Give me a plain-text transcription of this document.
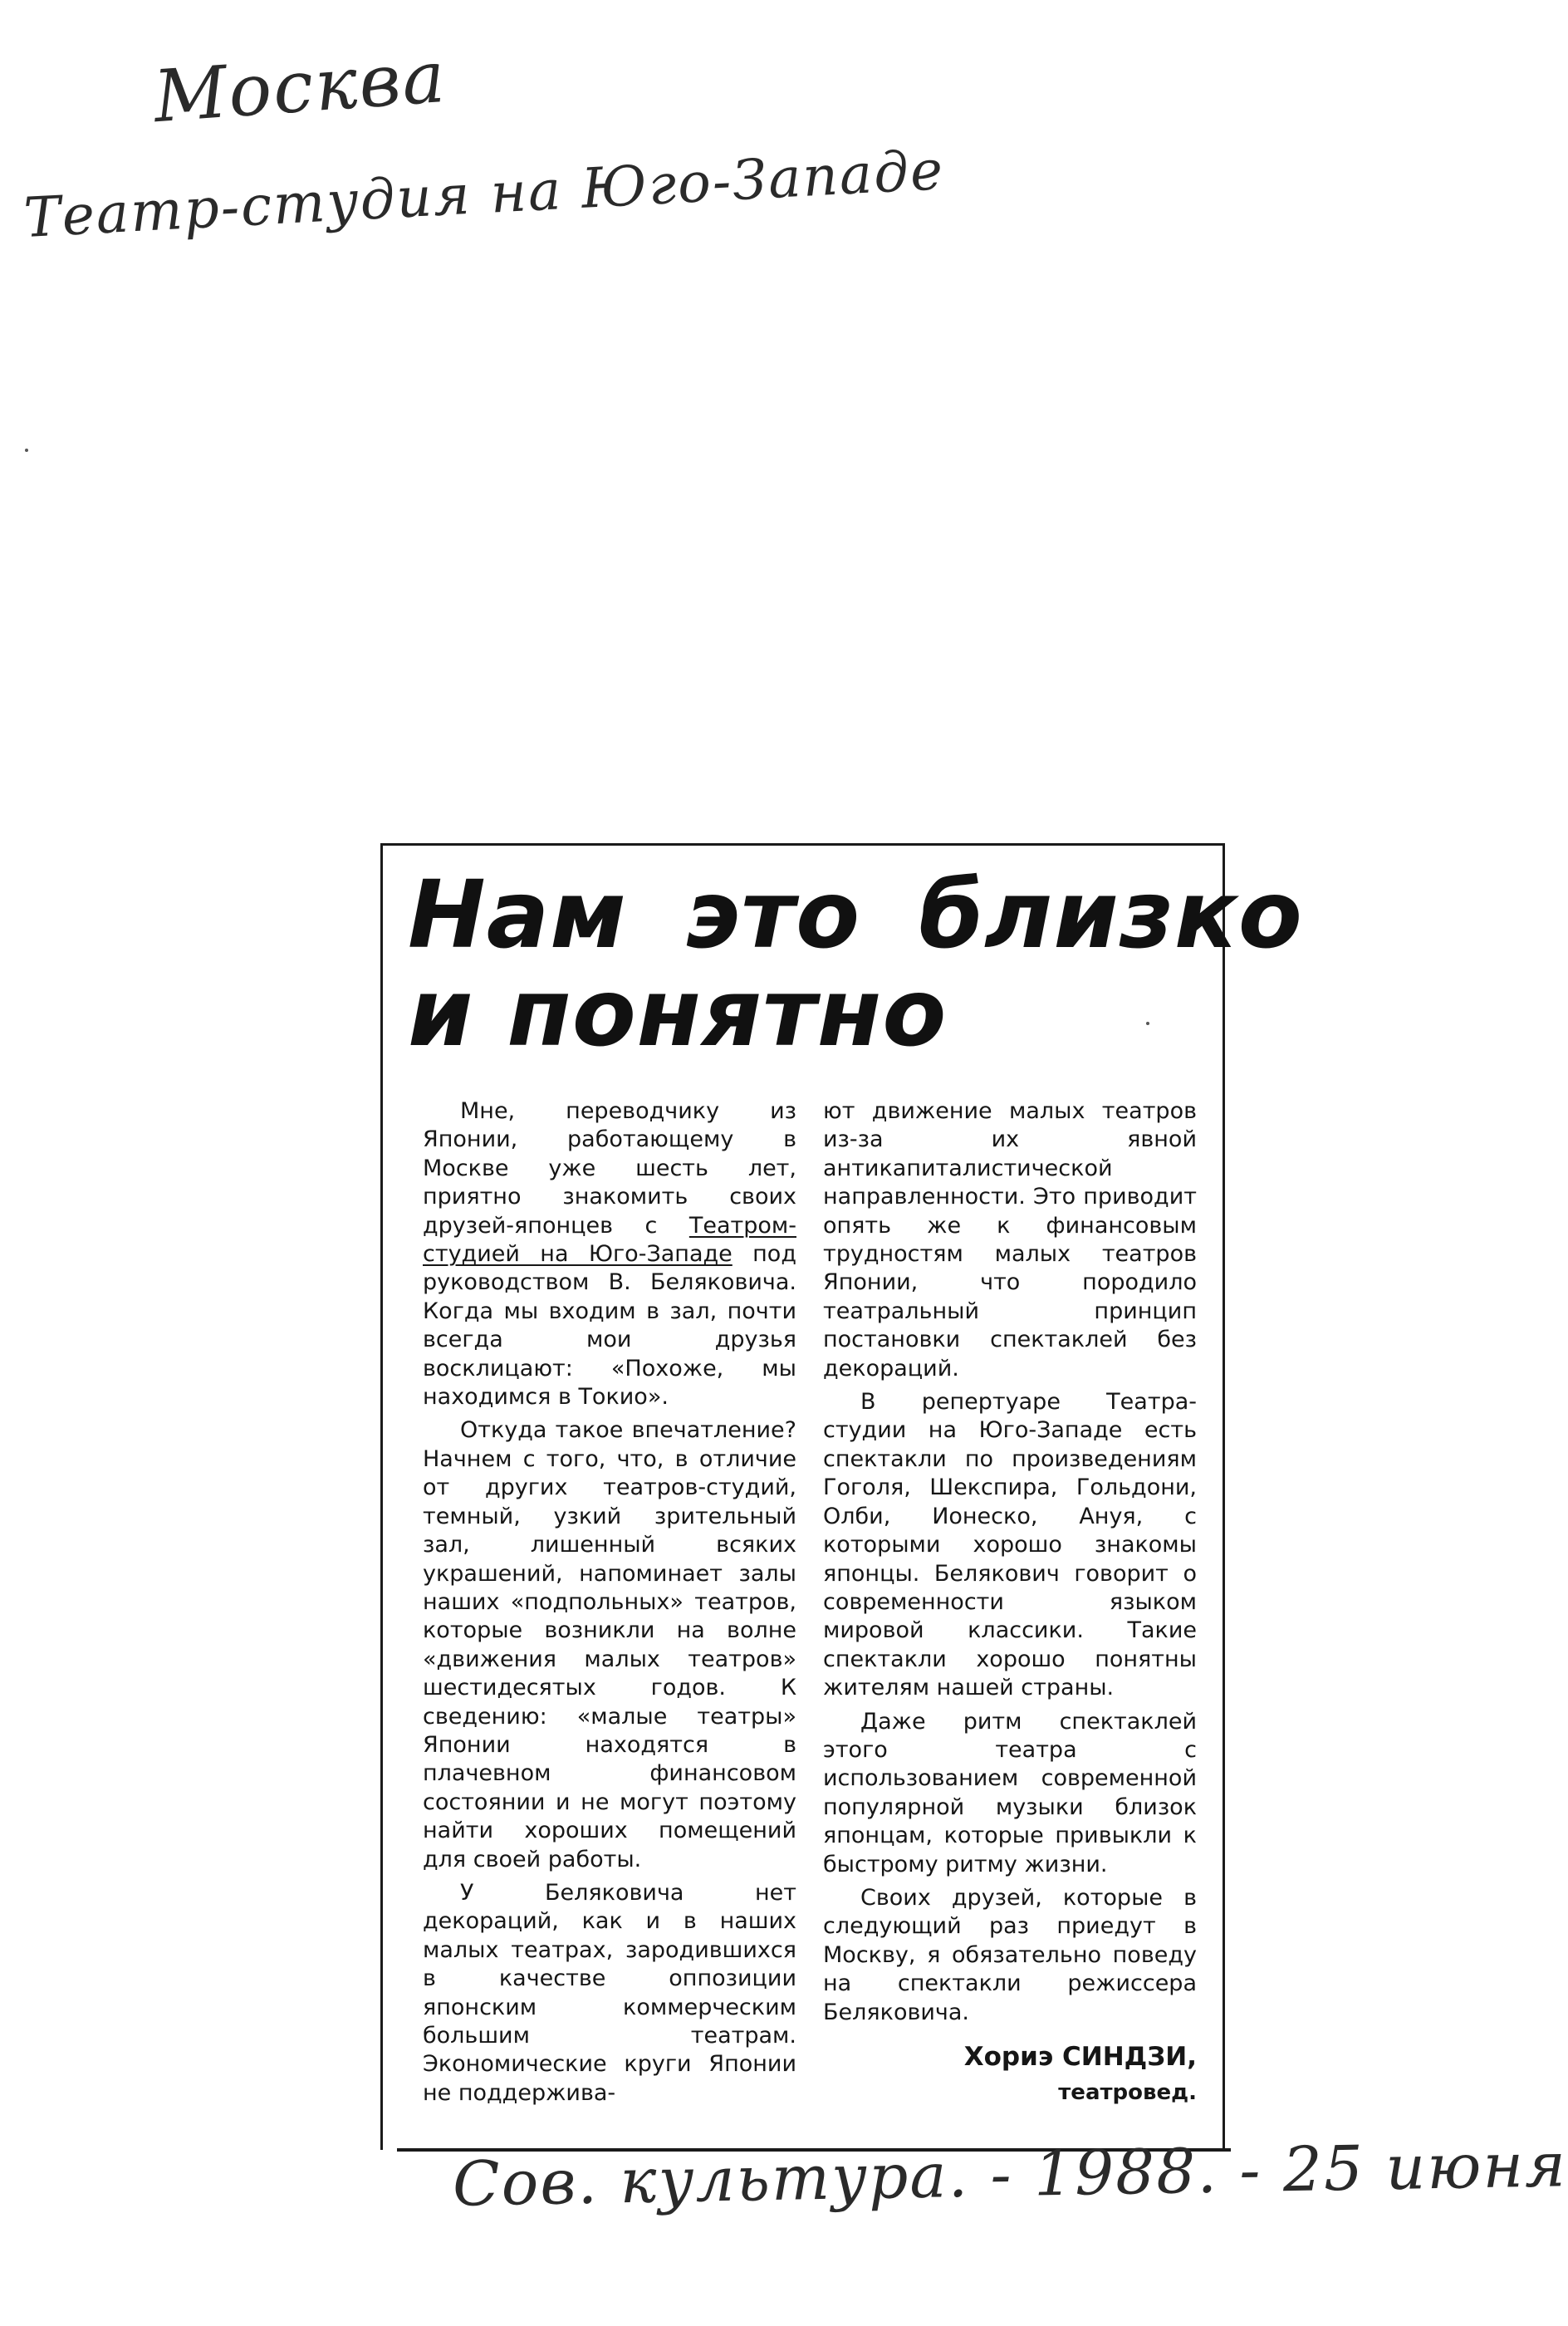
Москва
Театр-студия на Юго-Западе
Нам это близко
и понятно

Мне, переводчику из Японии, работающему в Москве уже шесть лет, приятно знакомить своих друзей-японцев с Театром-студией на Юго-Западе под руководством В. Беляковича. Когда мы входим в зал, почти всегда мои друзья восклицают: «Похоже, мы находимся в Токио».

Откуда такое впечатление? Начнем с того, что, в отличие от других театров-студий, темный, узкий зрительный зал, лишенный всяких украшений, напоминает залы наших «подпольных» театров, которые возникли на волне «движения малых театров» шестидесятых годов. К сведению: «малые театры» Японии находятся в плачевном финансовом состоянии и не могут поэтому найти хороших помещений для своей работы.

У Беляковича нет декораций, как и в наших малых театрах, зародившихся в качестве оппозиции японским коммерческим большим театрам. Экономические круги Японии не поддержива-

ют движение малых театров из-за их явной антикапиталистической направленности. Это приводит опять же к финансовым трудностям малых театров Японии, что породило театральный принцип постановки спектаклей без декораций.

В репертуаре Театра-студии на Юго-Западе есть спектакли по произведениям Гоголя, Шекспира, Гольдони, Олби, Ионеско, Ануя, с которыми хорошо знакомы японцы. Белякович говорит о современности языком мировой классики. Такие спектакли хорошо понятны жителям нашей страны.

Даже ритм спектаклей этого театра с использованием современной популярной музыки близок японцам, которые привыкли к быстрому ритму жизни.

Своих друзей, которые в следующий раз приедут в Москву, я обязательно поведу на спектакли режиссера Беляковича.

Хориэ СИНДЗИ,
театровед.
Сов. культура. - 1988. - 25 июня
